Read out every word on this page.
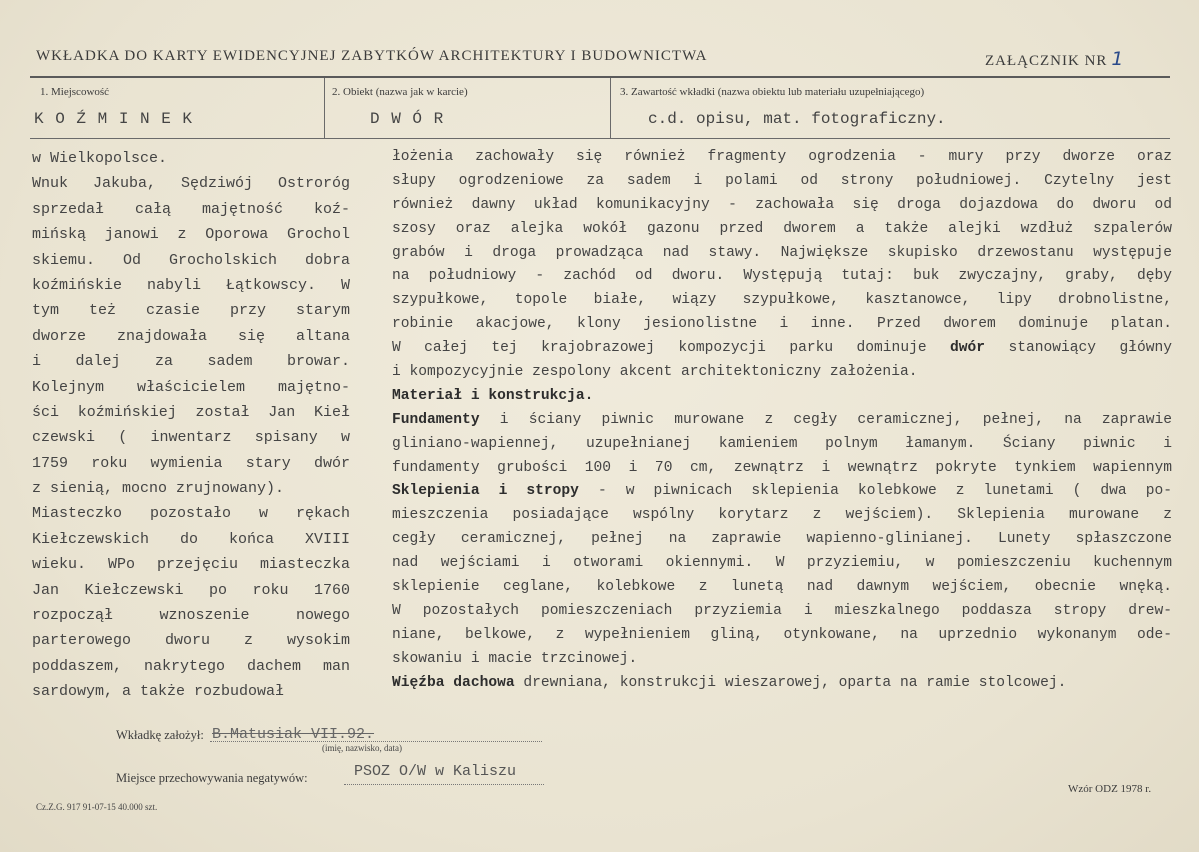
WKŁADKA DO KARTY EWIDENCYJNEJ ZABYTKÓW ARCHITEKTURY I BUDOWNICTWA	ZAŁĄCZNIK NR 1
1. Miejscowość
K O Ź M I N E K
2. Obiekt (nazwa jak w karcie)
D W Ó R
3. Zawartość wkładki (nazwa obiektu lub materiału uzupełniającego)
c.d. opisu, mat. fotograficzny.
w Wielkopolsce.
Wnuk Jakuba, Sędziwój Ostroróg
sprzedał całą majętność koź-
mińską janowi z Oporowa Grochol
skiemu. Od Grocholskich dobra
koźmińskie nabyli Łątkowscy. W
tym też czasie przy starym
dworze znajdowała się altana
i dalej za sadem browar.
Kolejnym właścicielem majętno-
ści koźmińskiej został Jan Kieł
czewski ( inwentarz spisany w
1759 roku wymienia stary dwór
z sienią, mocno zrujnowany).
Miasteczko pozostało w rękach
Kiełczewskich do końca XVIII
wieku. WPo przejęciu miasteczka
Jan Kiełczewski po roku 1760
rozpoczął wznoszenie nowego
parterowego dworu z wysokim
poddaszem, nakrytego dachem man
sardowym, a także rozbudował
łożenia zachowały się również fragmenty ogrodzenia - mury przy dworze oraz
słupy ogrodzeniowe za sadem i polami od strony południowej. Czytelny jest
również dawny układ komunikacyjny - zachowała się droga dojazdowa do dworu od
szosy oraz alejka wokół gazonu przed dworem a także alejki wzdłuż szpalerów
grabów i droga prowadząca nad stawy. Największe skupisko drzewostanu występuje
na południowy - zachód od dworu. Występują tutaj: buk zwyczajny, graby, dęby
szypułkowe, topole białe, wiązy szypułkowe, kasztanowce, lipy drobnolistne,
robinie akacjowe, klony jesionolistne i inne. Przed dworem dominuje platan.
W całej tej krajobrazowej kompozycji parku dominuje dwór stanowiący główny
i kompozycyjnie zespolony akcent architektoniczny założenia.
Materiał i konstrukcja.
Fundamenty i ściany piwnic murowane z cegły ceramicznej, pełnej, na zaprawie
gliniano-wapiennej, uzupełnianej kamieniem polnym łamanym. Ściany piwnic i
fundamenty grubości 100 i 70 cm, zewnątrz i wewnątrz pokryte tynkiem wapiennym
Sklepienia i stropy - w piwnicach sklepienia kolebkowe z lunetami ( dwa po-
mieszczenia posiadające wspólny korytarz z wejściem). Sklepienia murowane z
cegły ceramicznej, pełnej na zaprawie wapienno-glinianej. Lunety spłaszczone
nad wejściami i otworami okiennymi. W przyziemiu, w pomieszczeniu kuchennym
sklepienie ceglane, kolebkowe z lunetą nad dawnym wejściem, obecnie wnęką.
W pozostałych pomieszczeniach przyziemia i mieszkalnego poddasza stropy drew-
niane, belkowe, z wypełnieniem gliną, otynkowane, na uprzednio wykonanym ode-
skowaniu i macie trzcinowej.
Więźba dachowa drewniana, konstrukcji wieszarowej, oparta na ramie stolcowej.
Wkładkę założył: B.Matusiak VII.92.
(imię, nazwisko, data)
Miejsce przechowywania negatywów:	PSOZ O/W w Kaliszu
Cz.Z.G. 917 91-07-15 40.000 szt.
Wzór ODZ 1978 r.
